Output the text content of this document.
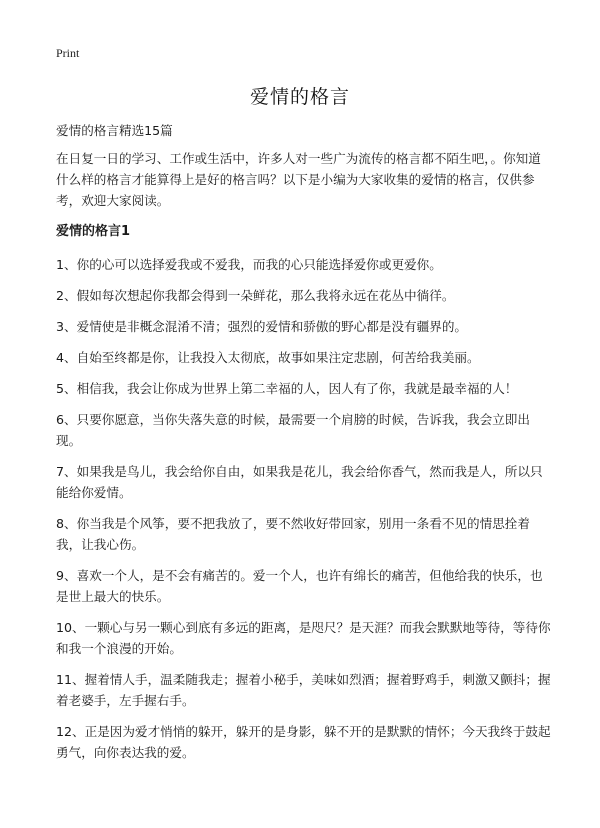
Print
爱情的格言
爱情的格言精选15篇
在日复一日的学习、工作或生活中，许多人对一些广为流传的格言都不陌生吧，。你知道什么样的格言才能算得上是好的格言吗？以下是小编为大家收集的爱情的格言，仅供参考，欢迎大家阅读。
爱情的格言1
1、你的心可以选择爱我或不爱我，而我的心只能选择爱你或更爱你。
2、假如每次想起你我都会得到一朵鲜花，那么我将永远在花丛中徜徉。
3、爱情使是非概念混淆不清；强烈的爱情和骄傲的野心都是没有疆界的。
4、自始至终都是你，让我投入太彻底，故事如果注定悲剧，何苦给我美丽。
5、相信我，我会让你成为世界上第二幸福的人，因人有了你，我就是最幸福的人！
6、只要你愿意，当你失落失意的时候，最需要一个肩膀的时候，告诉我，我会立即出现。
7、如果我是鸟儿，我会给你自由，如果我是花儿，我会给你香气，然而我是人，所以只能给你爱情。
8、你当我是个风筝，要不把我放了，要不然收好带回家，别用一条看不见的情思拴着我，让我心伤。
9、喜欢一个人，是不会有痛苦的。爱一个人，也许有绵长的痛苦，但他给我的快乐，也是世上最大的快乐。
10、一颗心与另一颗心到底有多远的距离，是咫尺？是天涯？而我会默默地等待，等待你和我一个浪漫的开始。
11、握着情人手，温柔随我走；握着小秘手，美味如烈酒；握着野鸡手，刺激又颤抖；握着老婆手，左手握右手。
12、正是因为爱才悄悄的躲开，躲开的是身影，躲不开的是默默的情怀；今天我终于鼓起勇气，向你表达我的爱。
